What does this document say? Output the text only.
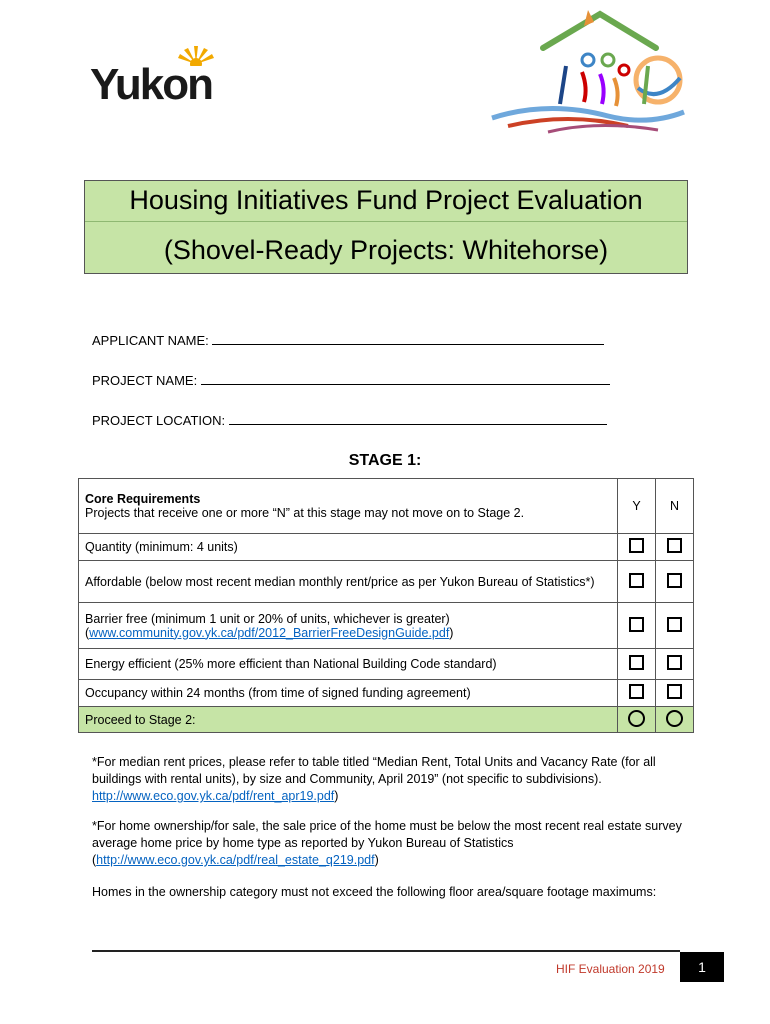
Yukon
Housing Initiatives Fund Project Evaluation
(Shovel-Ready Projects: Whitehorse)
APPLICANT NAME:
PROJECT NAME:
PROJECT LOCATION:
STAGE 1:
Core Requirements
Projects that receive one or more “N” at this stage may not move on to Stage 2.	Y	N
Quantity (minimum: 4 units)		
Affordable (below most recent median monthly rent/price as per Yukon Bureau of Statistics*)		
Barrier free (minimum 1 unit or 20% of units, whichever is greater)
(www.community.gov.yk.ca/pdf/2012_BarrierFreeDesignGuide.pdf)		
Energy efficient (25% more efficient than National Building Code standard)		
Occupancy within 24 months (from time of signed funding agreement)		
Proceed to Stage 2:		
*For median rent prices, please refer to table titled “Median Rent, Total Units and Vacancy Rate (for all buildings with rental units), by size and Community, April 2019” (not specific to subdivisions). http://www.eco.gov.yk.ca/pdf/rent_apr19.pdf)
*For home ownership/for sale, the sale price of the home must be below the most recent real estate survey average home price by home type as reported by Yukon Bureau of Statistics (http://www.eco.gov.yk.ca/pdf/real_estate_q219.pdf)
Homes in the ownership category must not exceed the following floor area/square footage maximums:
HIF Evaluation 2019	1
